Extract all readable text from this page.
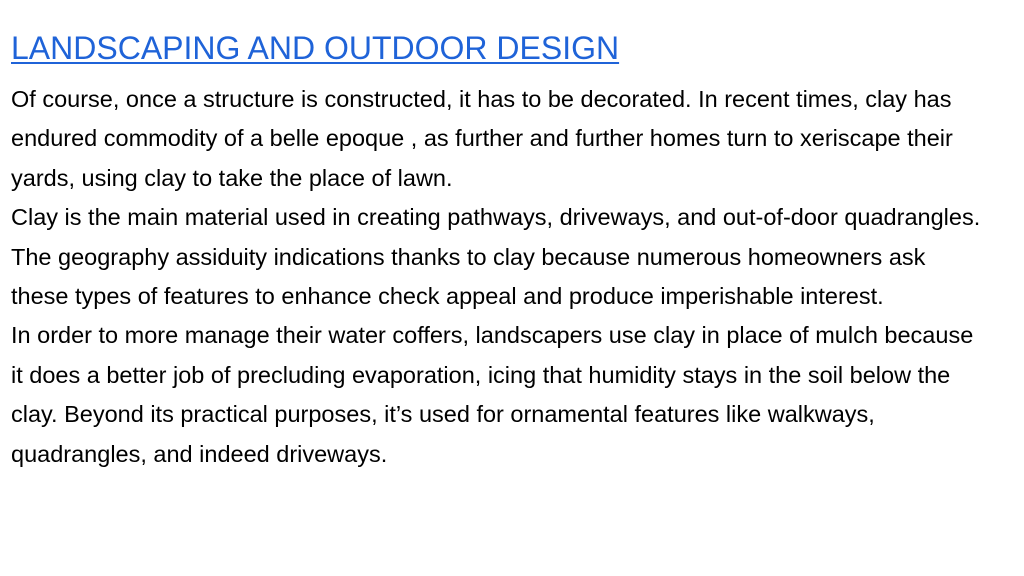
LANDSCAPING AND OUTDOOR DESIGN

Of course, once a structure is constructed, it has to be decorated. In recent times, clay has endured commodity of a belle epoque , as further and further homes turn to xeriscape their yards, using clay to take the place of lawn.

Clay is the main material used in creating pathways, driveways, and out-of-door quadrangles. The geography assiduity indications thanks to clay because numerous homeowners ask these types of features to enhance check appeal and produce imperishable interest.

In order to more manage their water coffers, landscapers use clay in place of mulch because it does a better job of precluding evaporation, icing that humidity stays in the soil below the clay. Beyond its practical purposes, it’s used for ornamental features like walkways, quadrangles, and indeed driveways.
